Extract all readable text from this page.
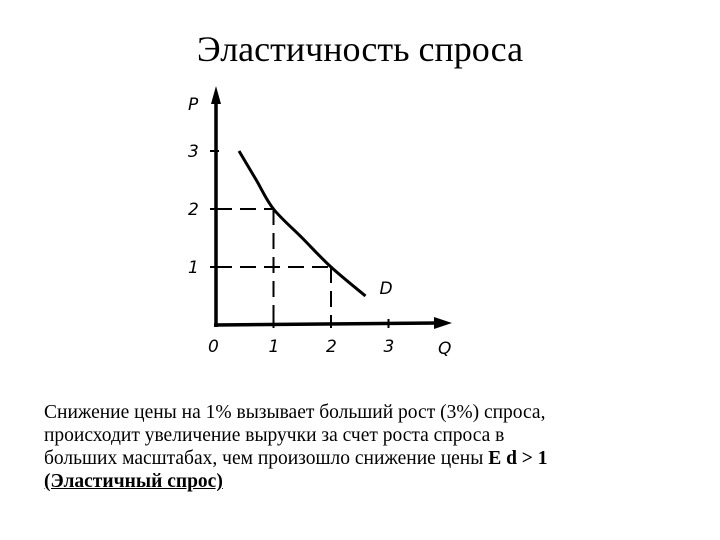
Эластичность спроса
P
Q
0	1	2	3
1
2
3
D
Снижение цены на 1% вызывает больший рост (3%) спроса,
происходит увеличение выручки за счет роста спроса в
больших масштабах, чем произошло снижение цены E d > 1
(Эластичный спрос)
